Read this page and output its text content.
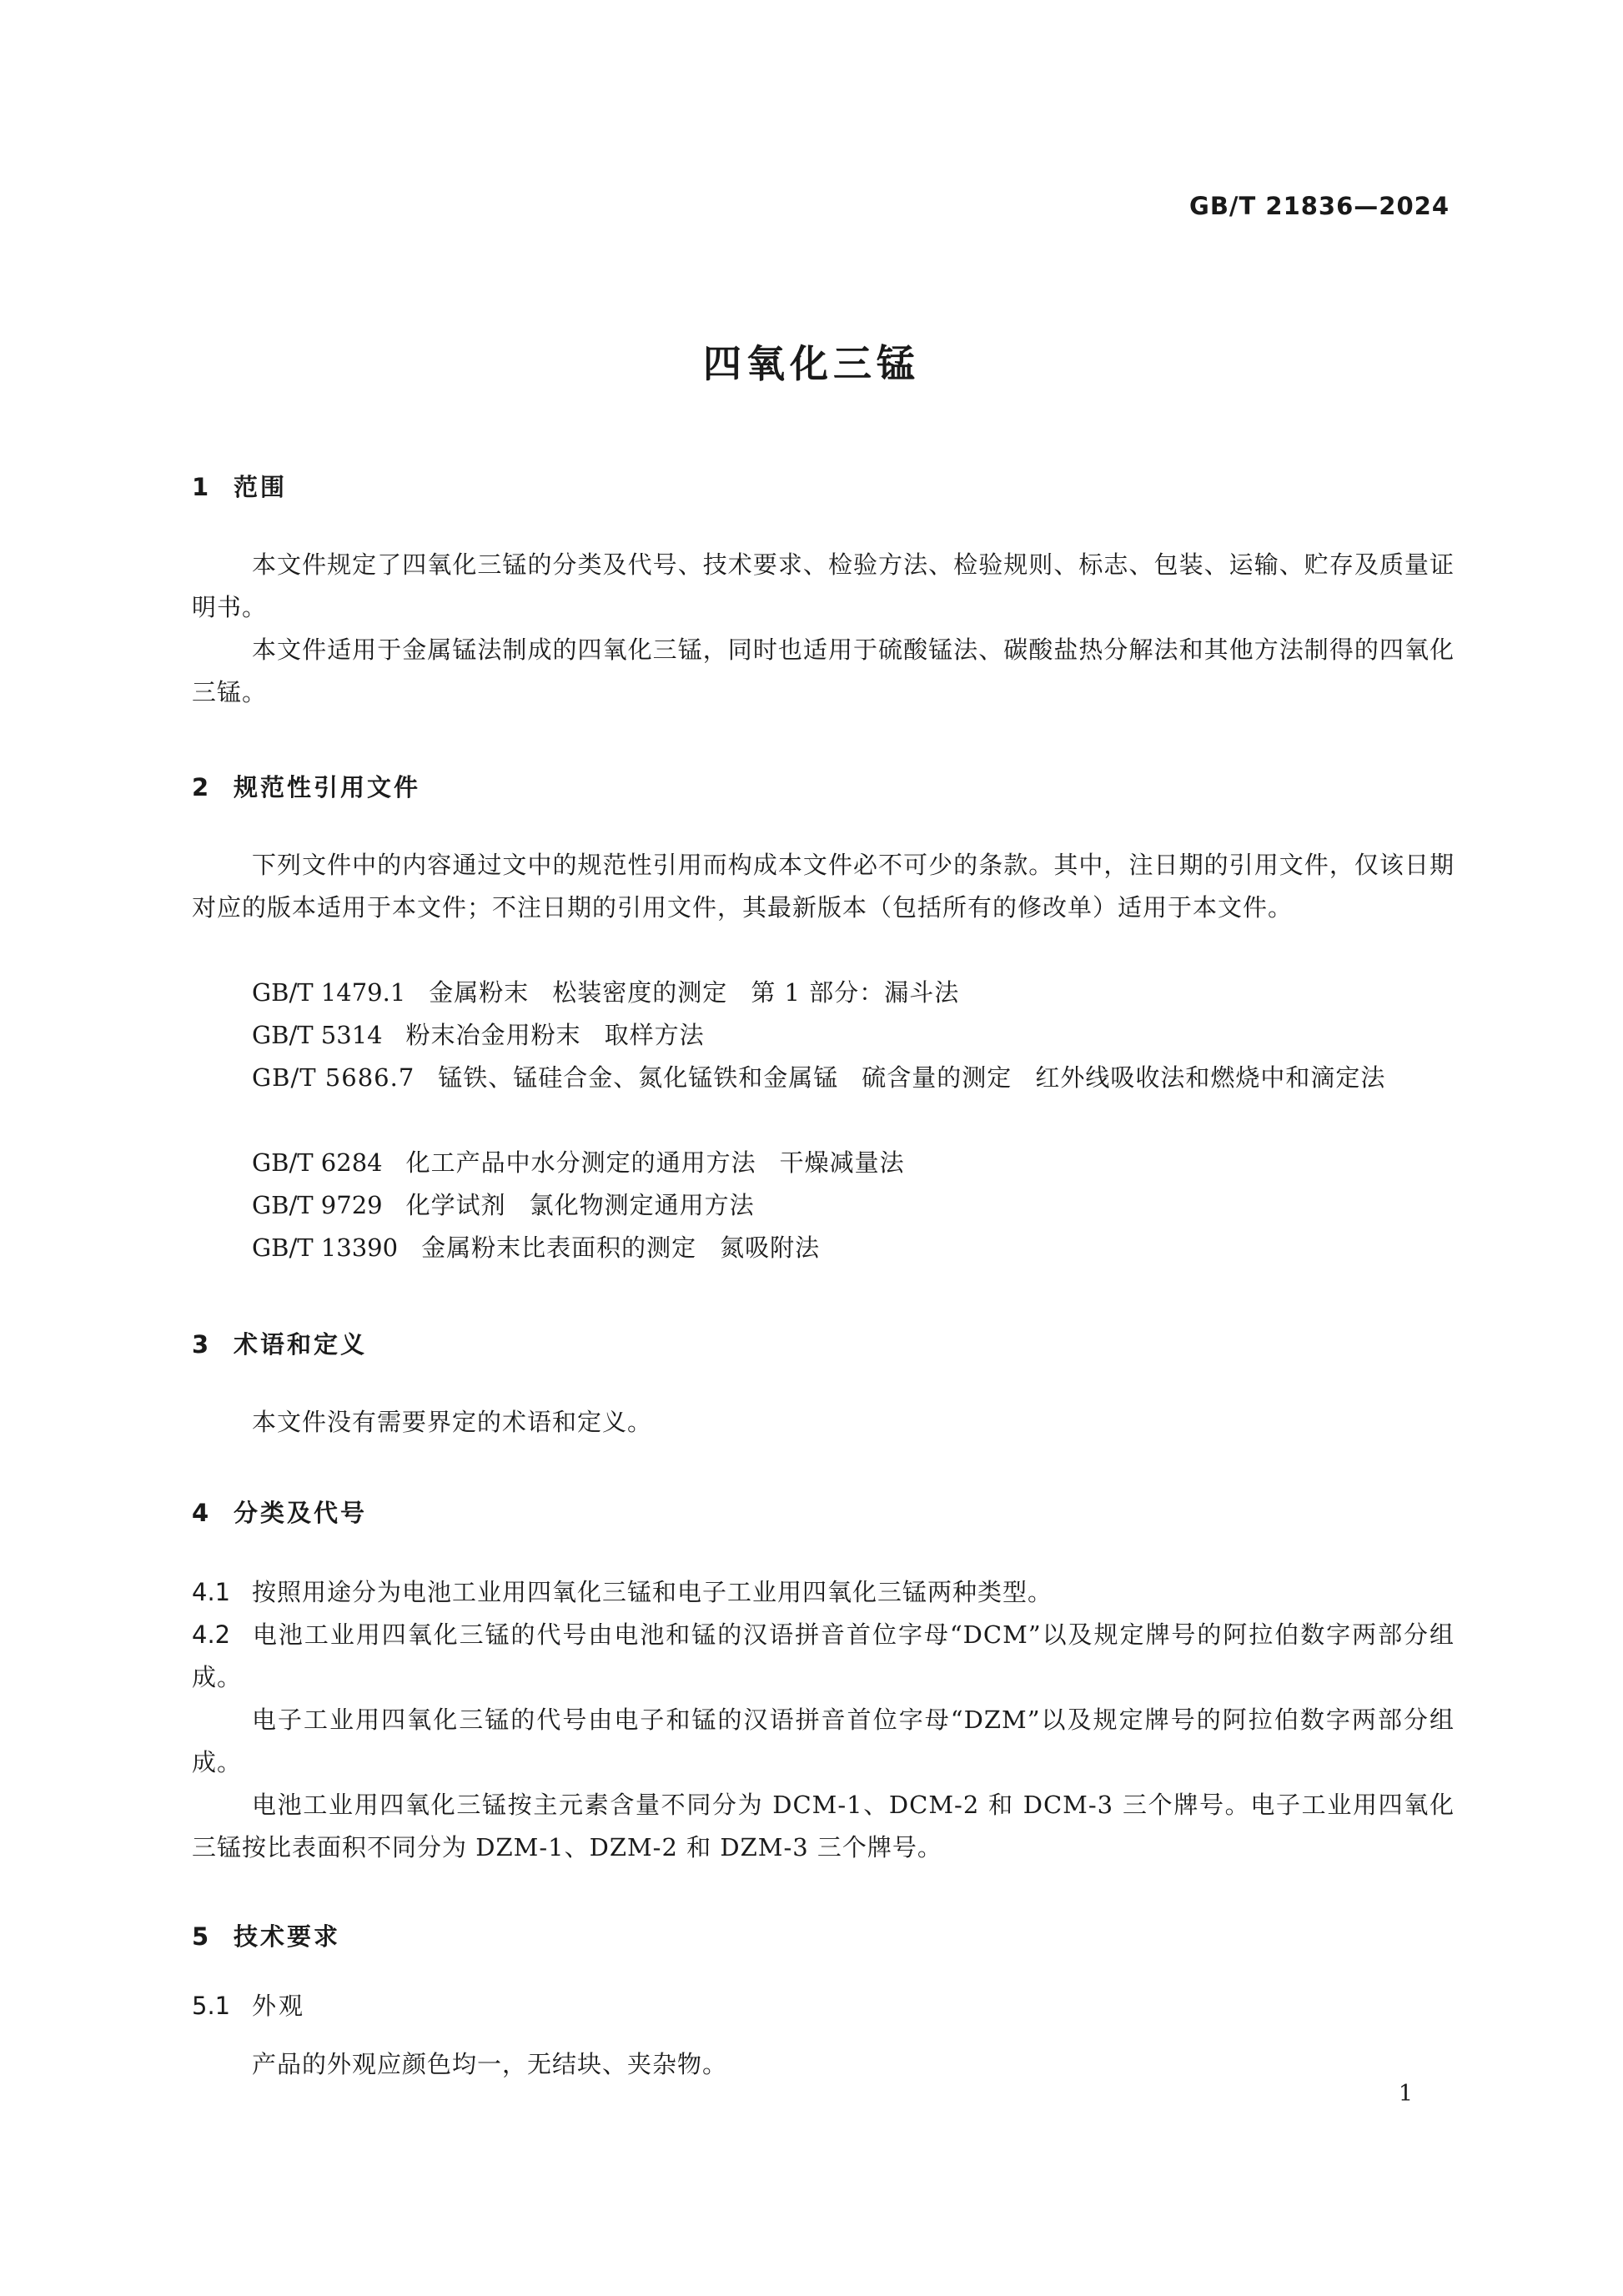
GB/T 21836—2024
四氧化三锰
1 范围

本文件规定了四氧化三锰的分类及代号、技术要求、检验方法、检验规则、标志、包装、运输、贮存及质量证明书。

本文件适用于金属锰法制成的四氧化三锰，同时也适用于硫酸锰法、碳酸盐热分解法和其他方法制得的四氧化三锰。

2 规范性引用文件

下列文件中的内容通过文中的规范性引用而构成本文件必不可少的条款。其中，注日期的引用文件，仅该日期对应的版本适用于本文件；不注日期的引用文件，其最新版本（包括所有的修改单）适用于本文件。

GB/T 1479.1 金属粉末 松装密度的测定 第 1 部分：漏斗法
GB/T 5314 粉末冶金用粉末 取样方法

GB/T 5686.7 锰铁、锰硅合金、氮化锰铁和金属锰 硫含量的测定 红外线吸收法和燃烧中和滴定法

GB/T 6284 化工产品中水分测定的通用方法 干燥减量法
GB/T 9729 化学试剂 氯化物测定通用方法
GB/T 13390 金属粉末比表面积的测定 氮吸附法
3 术语和定义

本文件没有需要界定的术语和定义。

4 分类及代号

4.1 按照用途分为电池工业用四氧化三锰和电子工业用四氧化三锰两种类型。

4.2 电池工业用四氧化三锰的代号由电池和锰的汉语拼音首位字母“DCM”以及规定牌号的阿拉伯数字两部分组成。

电子工业用四氧化三锰的代号由电子和锰的汉语拼音首位字母“DZM”以及规定牌号的阿拉伯数字两部分组成。

电池工业用四氧化三锰按主元素含量不同分为 DCM-1、DCM-2 和 DCM-3 三个牌号。电子工业用四氧化三锰按比表面积不同分为 DZM-1、DZM-2 和 DZM-3 三个牌号。

5 技术要求
5.1 外观

产品的外观应颜色均一，无结块、夹杂物。

1
